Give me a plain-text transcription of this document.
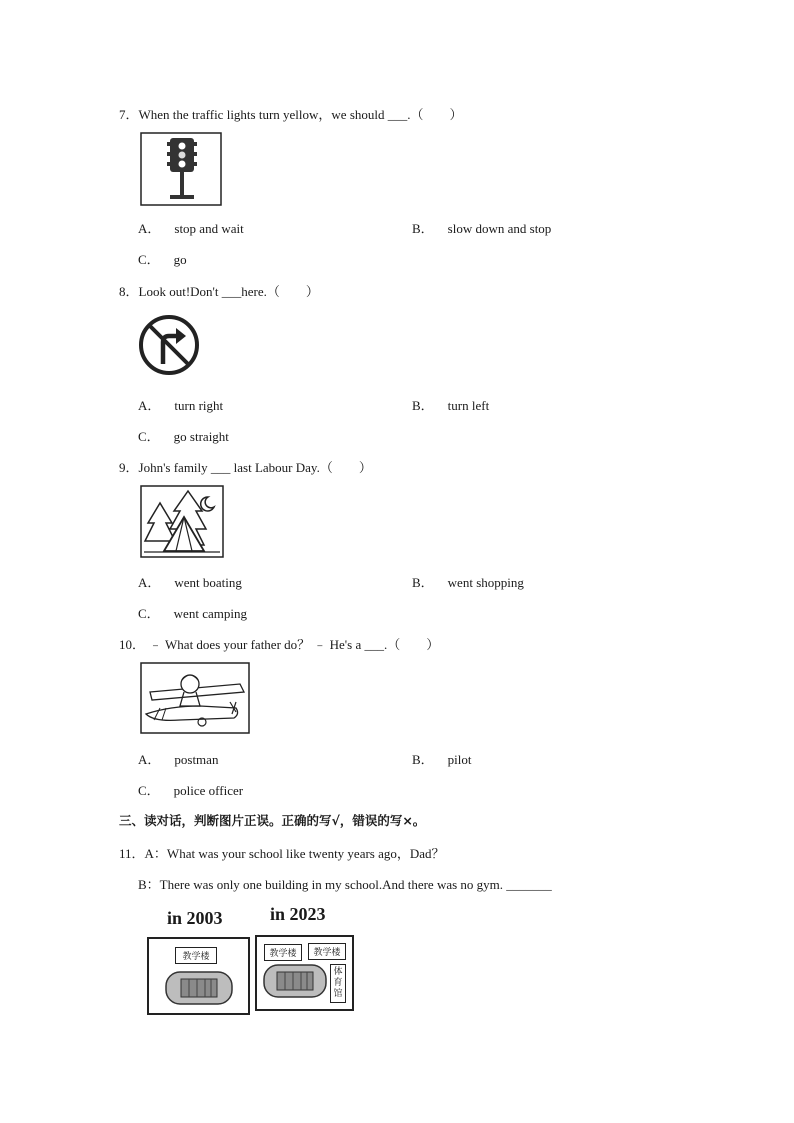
7．When the traffic lights turn yellow，we should ___.（　　）
A． stop and wait	B． slow down and stop
C． go
8．Look out!Don't ___here.（　　）
A． turn right	B． turn left
C． go straight
9．John's family ___ last Labour Day.（　　）
A． went boating	B． went shopping
C． went camping
10． ﹣ What does your father do？ ﹣ He's a ___.（　　）
A． postman	B． pilot
C． police officer
三、读对话，判断图片正误。正确的写√，错误的写×。
11．A：What was your school like twenty years ago，Dad？
B：There was only one building in my school.And there was no gym. _______
in 2003	in 2023
教学楼	教学楼	教学楼
体育馆
